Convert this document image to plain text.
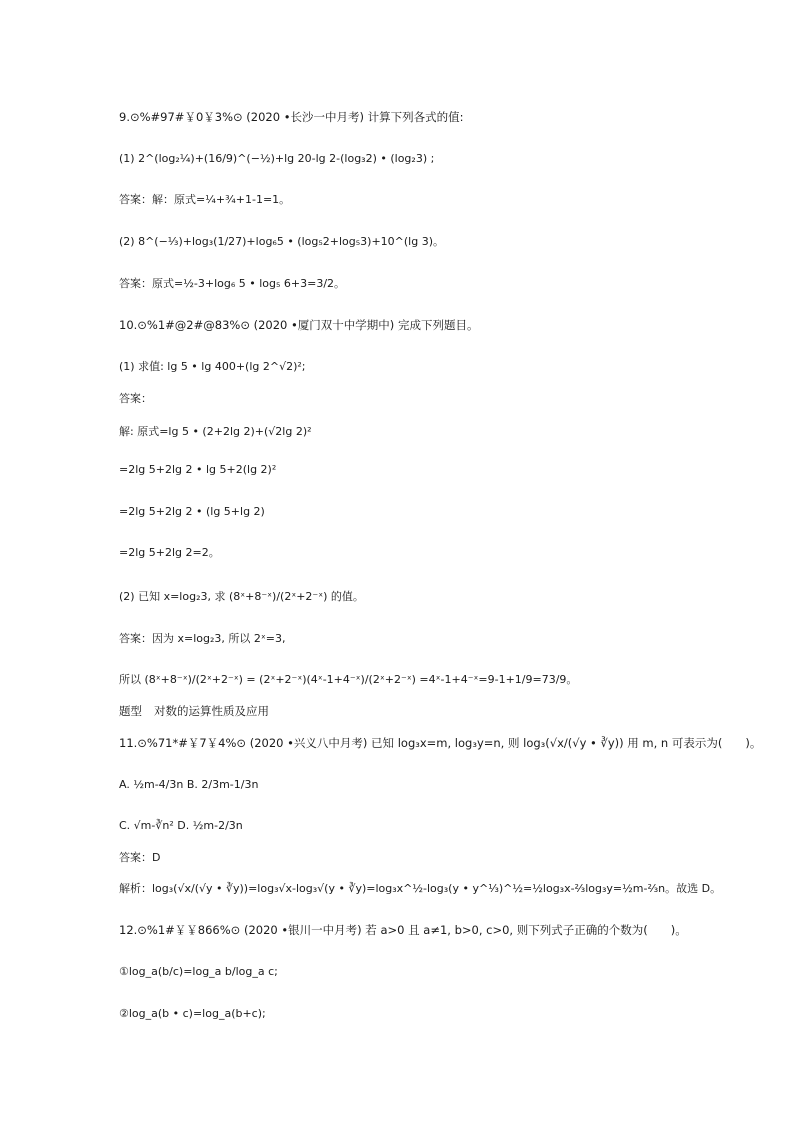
9.⊙%#97#￥0￥3%⊙ (2020 •长沙一中月考) 计算下列各式的值:
(1) 2^(log₂¼)+(16/9)^(−½)+lg 20-lg 2-(log₃2) • (log₂3) ;
答案：解：原式=¼+¾+1-1=1。
(2) 8^(−⅓)+log₃(1/27)+log₆5 • (log₅2+log₅3)+10^(lg 3)。
答案：原式=½-3+log₆ 5 • log₅ 6+3=3/2。
10.⊙%1#@2#@83%⊙ (2020 •厦门双十中学期中) 完成下列题目。
(1) 求值: lg 5 • lg 400+(lg 2^√2)²;
答案：
解: 原式=lg 5 • (2+2lg 2)+(√2lg 2)²
=2lg 5+2lg 2 • lg 5+2(lg 2)²
=2lg 5+2lg 2 • (lg 5+lg 2)
=2lg 5+2lg 2=2。
(2) 已知 x=log₂3, 求 (8ˣ+8⁻ˣ)/(2ˣ+2⁻ˣ) 的值。
答案：因为 x=log₂3, 所以 2ˣ=3,
所以 (8ˣ+8⁻ˣ)/(2ˣ+2⁻ˣ) = (2ˣ+2⁻ˣ)(4ˣ-1+4⁻ˣ)/(2ˣ+2⁻ˣ) =4ˣ-1+4⁻ˣ=9-1+1/9=73/9。
题型 对数的运算性质及应用
11.⊙%71*#￥7￥4%⊙ (2020 •兴义八中月考) 已知 log₃x=m, log₃y=n, 则 log₃(√x/(√y • ∛y)) 用 m, n 可表示为(　　)。
A. ½m-4/3n B. 2/3m-1/3n
C. √m-∛n² D. ½m-2/3n
答案：D
解析：log₃(√x/(√y • ∛y))=log₃√x-log₃√(y • ∛y)=log₃x^½-log₃(y • y^⅓)^½=½log₃x-⅔log₃y=½m-⅔n。故选 D。
12.⊙%1#￥￥866%⊙ (2020 •银川一中月考) 若 a>0 且 a≠1, b>0, c>0, 则下列式子正确的个数为(　　)。
①log_a(b/c)=log_a b/log_a c;
②log_a(b • c)=log_a(b+c);
